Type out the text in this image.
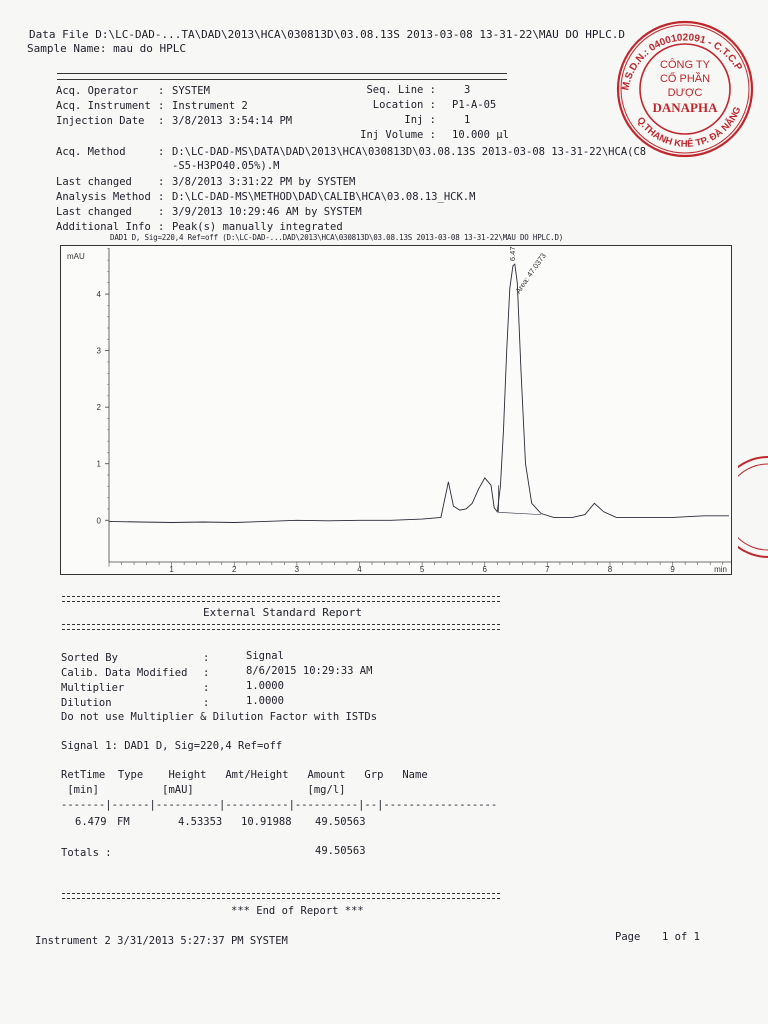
Data File D:\LC-DAD-...TA\DAD\2013\HCA\030813D\03.08.13S 2013-03-08 13-31-22\MAU DO HPLC.D
Sample Name: mau do HPLC
Acq. Operator : SYSTEM
Acq. Instrument : Instrument 2
Injection Date : 3/8/2013 3:54:14 PM
Seq. Line :	3
Location : P1-A-05
Inj :	1
Inj Volume : 10.000 µl
Acq. Method	: D:\LC-DAD-MS\DATA\DAD\2013\HCA\030813D\03.08.13S 2013-03-08 13-31-22\HCA(C8
-S5-H3PO40.05%).M
Last changed : 3/8/2013 3:31:22 PM by SYSTEM
Analysis Method : D:\LC-DAD-MS\METHOD\DAD\CALIB\HCA\03.08.13_HCK.M
Last changed : 3/9/2013 10:29:46 AM by SYSTEM
Additional Info : Peak(s) manually integrated
M.S.D.N.: 0400102091 - C.T.C.P
Q.THANH KHÊ TP. ĐÀ NẴNG
CÔNG TY
CỔ PHẦN
DƯỢC
DANAPHA
DAD1 D, Sig=220,4 Ref=off (D:\LC-DAD-...DAD\2013\HCA\030813D\03.08.13S 2013-03-08 13-31-22\MAU DO HPLC.D)
0
1
2
3
4
mAU
1	2	3	4	5	6	7	8	9	min
6.479
Area: 47.0373
External Standard Report
Sorted By	:	Signal
Calib. Data Modified :	8/6/2015 10:29:33 AM
Multiplier	:	1.0000
Dilution	:	1.0000
Do not use Multiplier & Dilution Factor with ISTDs
Signal 1: DAD1 D, Sig=220,4 Ref=off
RetTime  Type    Height   Amt/Height   Amount   Grp   Name
[min]          [mAU]                  [mg/l]
-------|------|----------|----------|----------|--|------------------
6.479 FM	4.53353 10.91988 49.50563
Totals :	49.50563
*** End of Report ***
Instrument 2 3/31/2013 5:27:37 PM SYSTEM	Page 1 of 1
